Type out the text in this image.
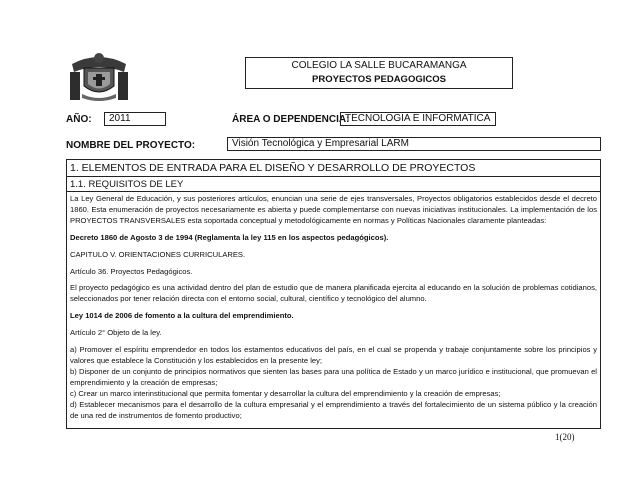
COLEGIO LA SALLE BUCARAMANGA
PROYECTOS PEDAGOGICOS
AÑO:	2011	ÁREA O DEPENDENCIA:
TECNOLOGIA E INFORMATICA
NOMBRE DEL PROYECTO:	Visión Tecnológica y Empresarial LARM
1. ELEMENTOS DE ENTRADA PARA EL DISEÑO Y DESARROLLO DE PROYECTOS
1.1. REQUISITOS DE LEY

La Ley General de Educación, y sus posteriores artículos, enuncian una serie de ejes transversales, Proyectos obligatorios establecidos desde el decreto 1860. Esta enumeración de proyectos necesariamente es abierta y puede complementarse con nuevas iniciativas institucionales. La implementación de los PROYECTOS TRANSVERSALES esta soportada conceptual y metodológicamente en normas y Políticas Nacionales claramente planteadas:

Decreto 1860 de Agosto 3 de 1994 (Reglamenta la ley 115 en los aspectos pedagógicos).

CAPITULO V. ORIENTACIONES CURRICULARES.

Artículo 36. Proyectos Pedagógicos.

El proyecto pedagógico es una actividad dentro del plan de estudio que de manera planificada ejercita al educando en la solución de problemas cotidianos, seleccionados por tener relación directa con el entorno social, cultural, científico y tecnológico del alumno.

Ley 1014 de 2006 de fomento a la cultura del emprendimiento.

Artículo 2° Objeto de la ley.

a) Promover el espíritu emprendedor en todos los estamentos educativos del país, en el cual se propenda y trabaje conjuntamente sobre los principios y valores que establece la Constitución y los establecidos en la presente ley;
b) Disponer de un conjunto de principios normativos que sienten las bases para una política de Estado y un marco jurídico e institucional, que promuevan el emprendimiento y la creación de empresas;
c) Crear un marco interinstitucional que permita fomentar y desarrollar la cultura del emprendimiento y la creación de empresas;
d) Establecer mecanismos para el desarrollo de la cultura empresarial y el emprendimiento a través del fortalecimiento de un sistema público y la creación de una red de instrumentos de fomento productivo;
1(20)
